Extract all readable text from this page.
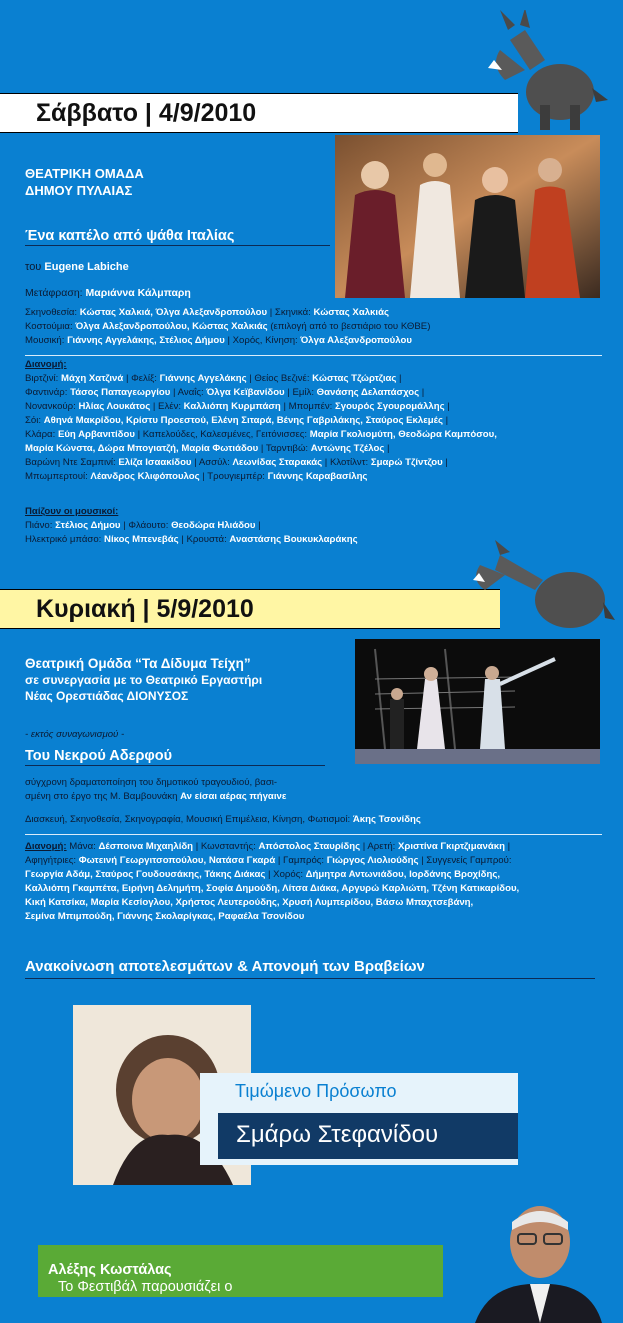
Σάββατο | 4/9/2010
ΘΕΑΤΡΙΚΗ ΟΜΑΔΑ
ΔΗΜΟΥ ΠΥΛΑΙΑΣ
Ένα καπέλο από ψάθα Ιταλίας
του Eugene Labiche
Μετάφραση: Μαριάννα Κάλμπαρη
Σκηνοθεσία: Κώστας Χαλκιά, Όλγα Αλεξανδροπούλου | Σκηνικά: Κώστας Χαλκιάς
Κοστούμια: Όλγα Αλεξανδροπούλου, Κώστας Χαλκιάς (επιλογή από το βεστιάριο του ΚΘΒΕ)
Μουσική: Γιάννης Αγγελάκης, Στέλιος Δήμου | Χορός, Κίνηση: Όλγα Αλεξανδροπούλου
Διανομή:
Βιρτζινί: Μάχη Χατζινά | Φελίξ: Γιάννης Αγγελάκης | Θείος Βεζινέ: Κώστας Τζώρτζιας |
Φαντινάρ: Τάσος Παπαγεωργίου | Αναΐς: Όλγα Κεϊβανίδου | Εμίλ: Θανάσης Δελαπάσχος |
Νονανκούρ: Ηλίας Λουκάτος | Ελέν: Καλλιόπη Κυρμπάση | Μπομπέν: Σγουρός Σγουρομάλλης |
Σόι: Αθηνά Μακρίδου, Κρίστυ Προεστού, Ελένη Σιταρά, Βένης Γαβριλάκης, Σταύρος Εκλεμές |
Κλάρα: Εύη Αρβανιτίδου | Καπελούδες, Καλεσμένες, Γειτόνισσες: Μαρία Γκολιομύτη, Θεοδώρα Καμπόσου,
Μαρία Κώνστα, Δώρα Μπογιατζή, Μαρία Φωτιάδου | Ταρντιβώ: Αντώνης Τζέλος |
Βαρώνη Ντε Σαμπινί: Ελίζα Ισαακίδου | Ασσύλ: Λεωνίδας Σταρακάς | Κλοτίλντ: Σμαρώ Τζίντζου |
Μπωμπερτουί: Λέανδρος Κλιφόπουλος | Τρουγιεμπέρ: Γιάννης Καραβασίλης
Παίζουν οι μουσικοί:
Πιάνο: Στέλιος Δήμου | Φλάουτο: Θεοδώρα Ηλιάδου |
Ηλεκτρικό μπάσο: Νίκος Μπενεβάς | Κρουστά: Αναστάσης Βουκυκλαράκης
Κυριακή | 5/9/2010
Θεατρική Ομάδα “Τα Δίδυμα Τείχη”
σε συνεργασία με το Θεατρικό Εργαστήρι
Νέας Ορεστιάδας ΔΙΟΝΥΣΟΣ
- εκτός συναγωνισμού -
Του Νεκρού Αδερφού
σύγχρονη δραματοποίηση του δημοτικού τραγουδιού, βασι-
σμένη στο έργο της Μ. Βαμβουνάκη Αν είσαι αέρας πήγαινε
Διασκευή, Σκηνοθεσία, Σκηνογραφία, Μουσική Επιμέλεια, Κίνηση, Φωτισμοί: Άκης Τσονίδης
Διανομή: Μάνα: Δέσποινα Μιχαηλίδη | Κωνσταντής: Απόστολος Σταυρίδης | Αρετή: Χριστίνα Γκιρτζιμανάκη |
Αφηγήτριες: Φωτεινή Γεωργιτσοπούλου, Νατάσα Γκαρά | Γαμπρός: Γιώργος Λιολιούδης | Συγγενείς Γαμπρού:
Γεωργία Αδάμ, Σταύρος Γουδουσάκης, Τάκης Διάκας | Χορός: Δήμητρα Αντωνιάδου, Ιορδάνης Βροχίδης,
Καλλιόπη Γκαμπέτα, Ειρήνη Δελημήτη, Σοφία Δημούδη, Λίτσα Διάκα, Αργυρώ Καρλιώτη, Τζένη Κατικαρίδου,
Κική Κατσίκα, Μαρία Κεσίογλου, Χρήστος Λευτερούδης, Χρυσή Λυμπερίδου, Βάσω Μπαχτσεβάνη,
Σεμίνα Μπιμπούδη, Γιάννης Σκολαρίγκας, Ραφαέλα Τσονίδου
Ανακοίνωση αποτελεσμάτων & Απονομή των Βραβείων
Τιμώμενο Πρόσωπο
Σμάρω Στεφανίδου
Το Φεστιβάλ παρουσιάζει ο
Αλέξης Κωστάλας
